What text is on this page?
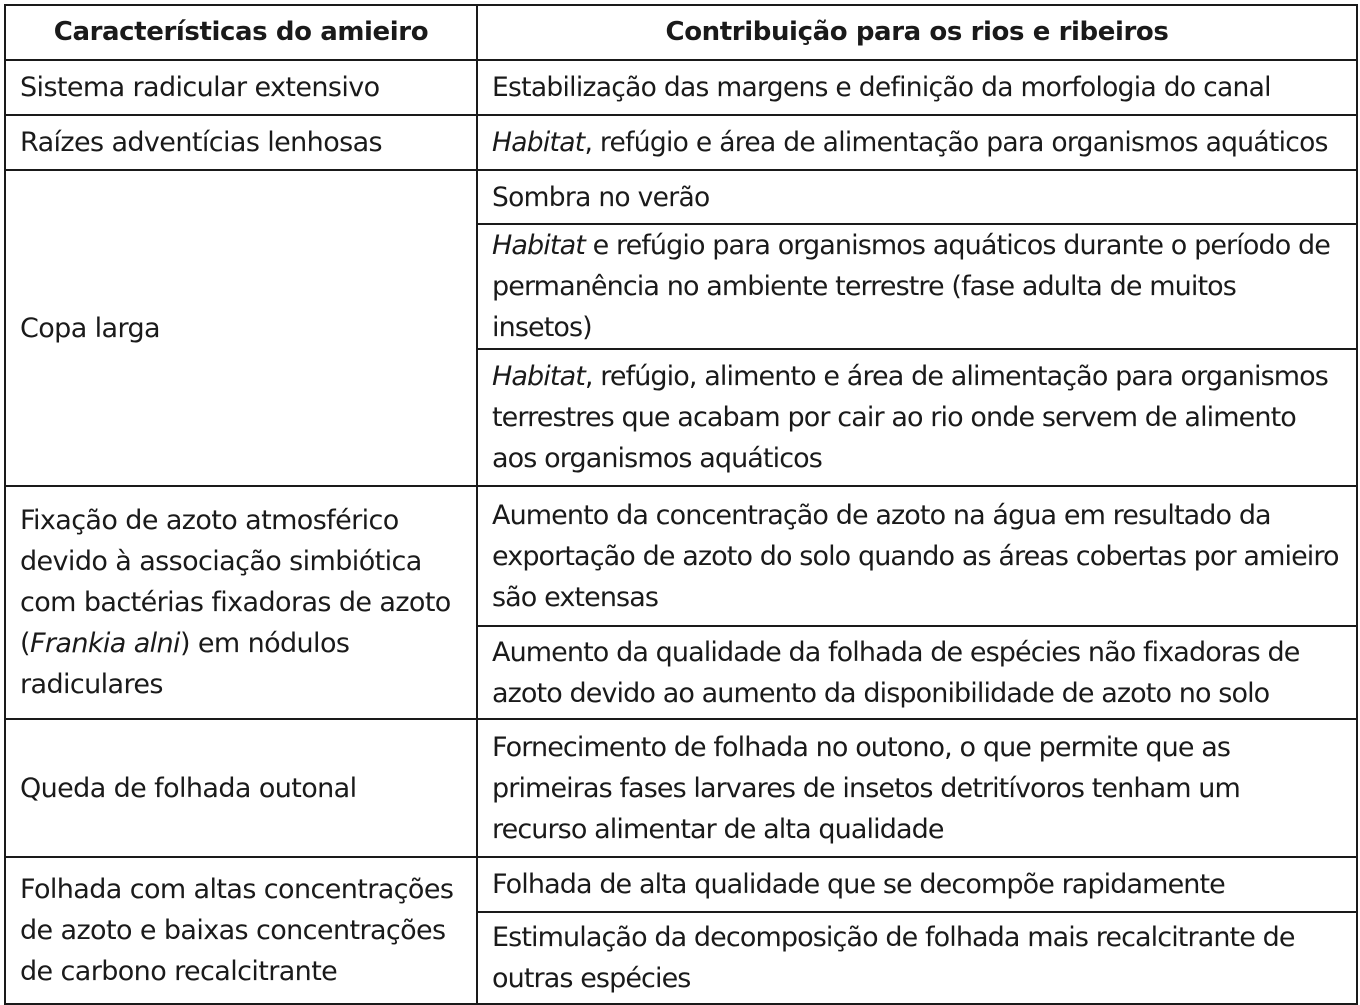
Características do amieiro	Contribuição para os rios e ribeiros
Sistema radicular extensivo	Estabilização das margens e definição da morfologia do canal
Raízes adventícias lenhosas	Habitat, refúgio e área de alimentação para organismos aquáticos
Copa larga	Sombra no verão
	Habitat e refúgio para organismos aquáticos durante o período de permanência no ambiente terrestre (fase adulta de muitos insetos)
	Habitat, refúgio, alimento e área de alimentação para organismos terrestres que acabam por cair ao rio onde servem de alimento aos organismos aquáticos
Fixação de azoto atmosférico devido à associação simbiótica com bactérias fixadoras de azoto (Frankia alni) em nódulos radiculares	Aumento da concentração de azoto na água em resultado da exportação de azoto do solo quando as áreas cobertas por amieiro são extensas
	Aumento da qualidade da folhada de espécies não fixadoras de azoto devido ao aumento da disponibilidade de azoto no solo
Queda de folhada outonal	Fornecimento de folhada no outono, o que permite que as primeiras fases larvares de insetos detritívoros tenham um recurso alimentar de alta qualidade
Folhada com altas concentrações de azoto e baixas concentrações de carbono recalcitrante	Folhada de alta qualidade que se decompõe rapidamente
	Estimulação da decomposição de folhada mais recalcitrante de outras espécies
